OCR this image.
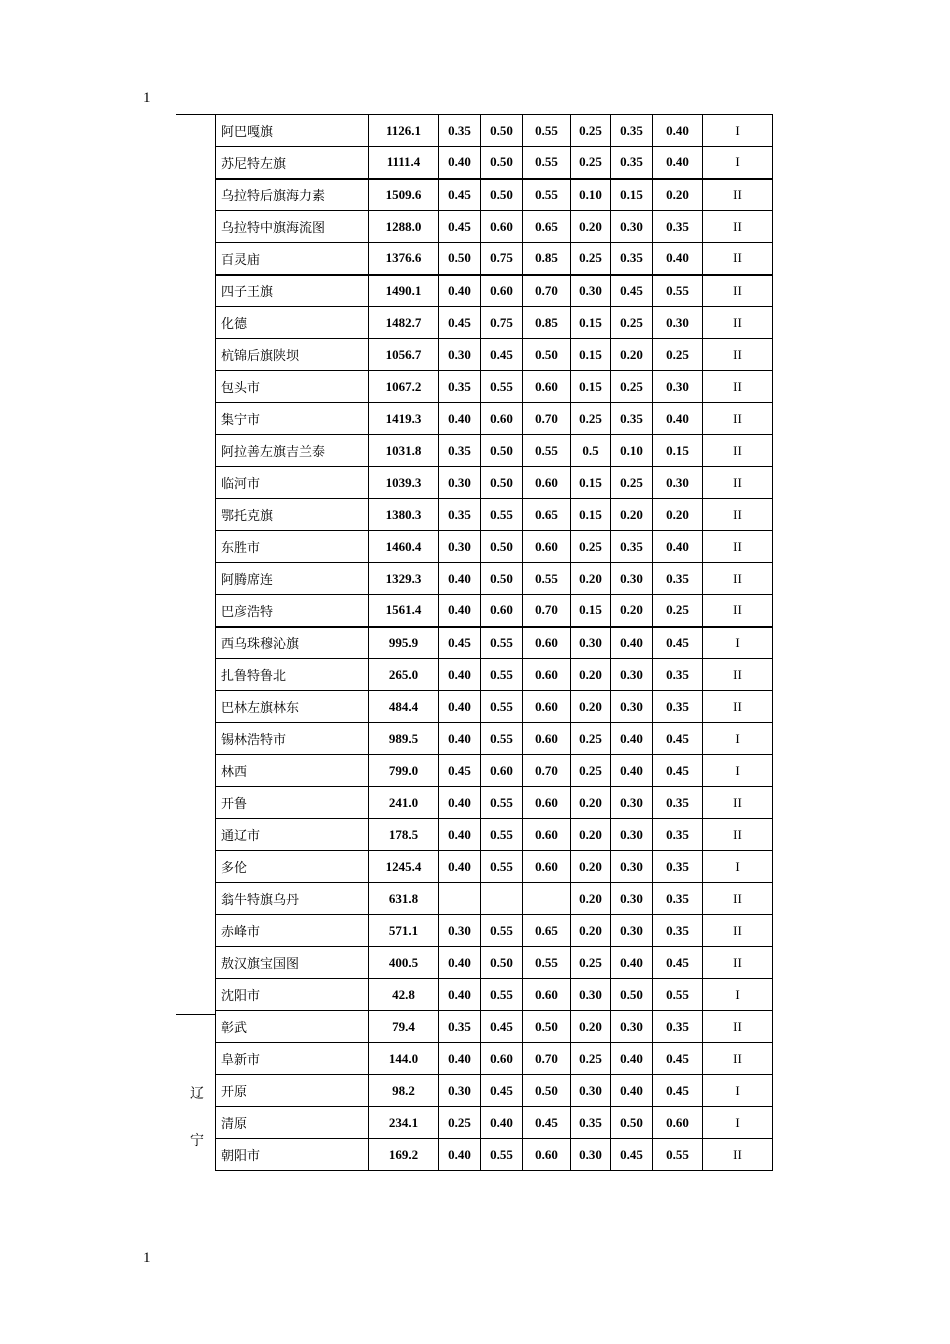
1
辽
宁
阿巴嘎旗	1126.1	0.35	0.50	0.55	0.25	0.35	0.40	I
苏尼特左旗	1111.4	0.40	0.50	0.55	0.25	0.35	0.40	I
乌拉特后旗海力素	1509.6	0.45	0.50	0.55	0.10	0.15	0.20	II
乌拉特中旗海流图	1288.0	0.45	0.60	0.65	0.20	0.30	0.35	II
百灵庙	1376.6	0.50	0.75	0.85	0.25	0.35	0.40	II
四子王旗	1490.1	0.40	0.60	0.70	0.30	0.45	0.55	II
化德	1482.7	0.45	0.75	0.85	0.15	0.25	0.30	II
杭锦后旗陕坝	1056.7	0.30	0.45	0.50	0.15	0.20	0.25	II
包头市	1067.2	0.35	0.55	0.60	0.15	0.25	0.30	II
集宁市	1419.3	0.40	0.60	0.70	0.25	0.35	0.40	II
阿拉善左旗吉兰泰	1031.8	0.35	0.50	0.55	0.5	0.10	0.15	II
临河市	1039.3	0.30	0.50	0.60	0.15	0.25	0.30	II
鄂托克旗	1380.3	0.35	0.55	0.65	0.15	0.20	0.20	II
东胜市	1460.4	0.30	0.50	0.60	0.25	0.35	0.40	II
阿腾席连	1329.3	0.40	0.50	0.55	0.20	0.30	0.35	II
巴彦浩特	1561.4	0.40	0.60	0.70	0.15	0.20	0.25	II
西乌珠穆沁旗	995.9	0.45	0.55	0.60	0.30	0.40	0.45	I
扎鲁特鲁北	265.0	0.40	0.55	0.60	0.20	0.30	0.35	II
巴林左旗林东	484.4	0.40	0.55	0.60	0.20	0.30	0.35	II
锡林浩特市	989.5	0.40	0.55	0.60	0.25	0.40	0.45	I
林西	799.0	0.45	0.60	0.70	0.25	0.40	0.45	I
开鲁	241.0	0.40	0.55	0.60	0.20	0.30	0.35	II
通辽市	178.5	0.40	0.55	0.60	0.20	0.30	0.35	II
多伦	1245.4	0.40	0.55	0.60	0.20	0.30	0.35	I
翁牛特旗乌丹	631.8				0.20	0.30	0.35	II
赤峰市	571.1	0.30	0.55	0.65	0.20	0.30	0.35	II
敖汉旗宝国图	400.5	0.40	0.50	0.55	0.25	0.40	0.45	II
沈阳市	42.8	0.40	0.55	0.60	0.30	0.50	0.55	I
彰武	79.4	0.35	0.45	0.50	0.20	0.30	0.35	II
阜新市	144.0	0.40	0.60	0.70	0.25	0.40	0.45	II
开原	98.2	0.30	0.45	0.50	0.30	0.40	0.45	I
清原	234.1	0.25	0.40	0.45	0.35	0.50	0.60	I
朝阳市	169.2	0.40	0.55	0.60	0.30	0.45	0.55	II
1
